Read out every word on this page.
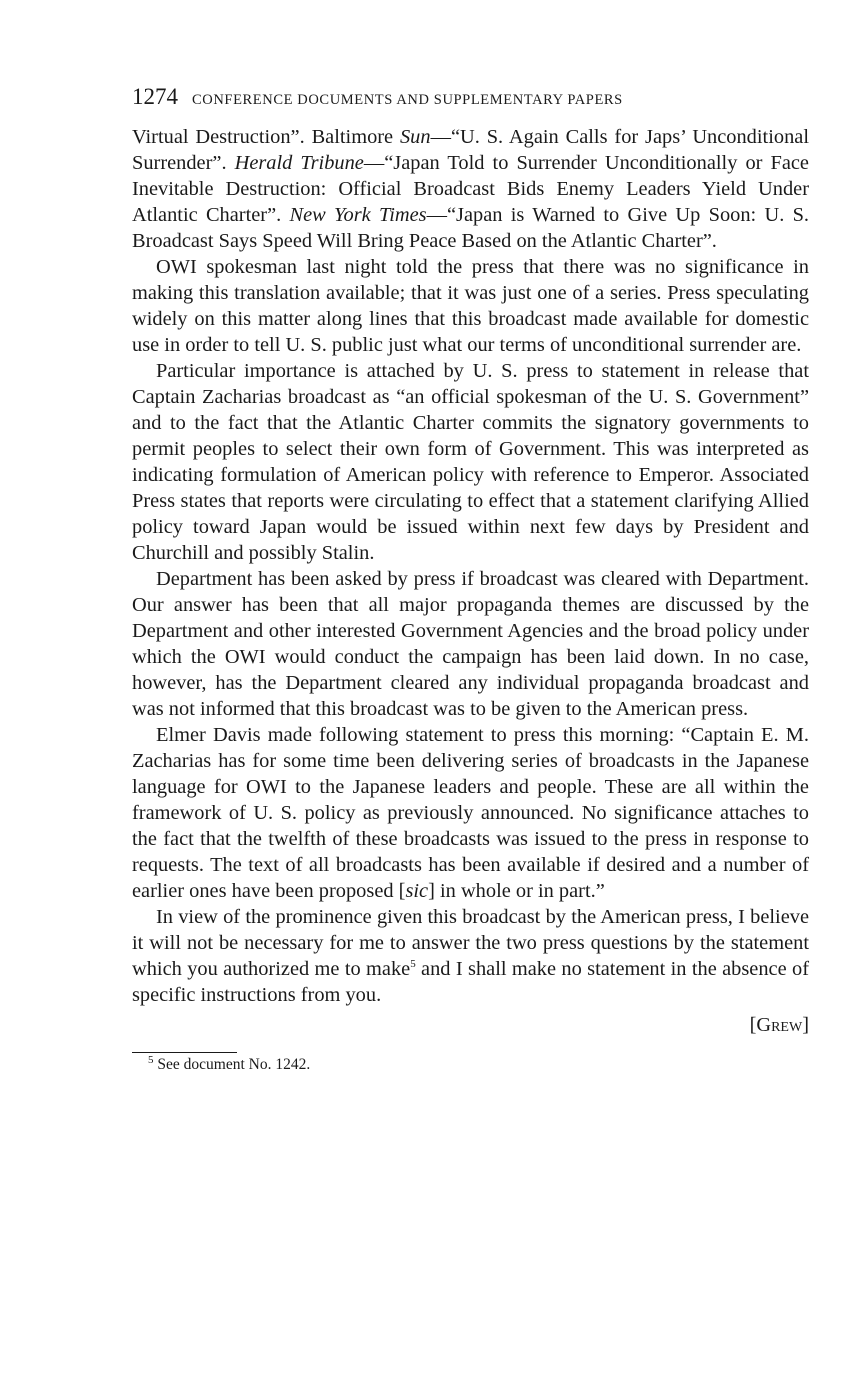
1274 CONFERENCE DOCUMENTS AND SUPPLEMENTARY PAPERS

Virtual Destruction”. Baltimore Sun—“U. S. Again Calls for Japs’ Unconditional Surrender”. Herald Tribune—“Japan Told to Surrender Unconditionally or Face Inevitable Destruction: Official Broadcast Bids Enemy Leaders Yield Under Atlantic Charter”. New York Times—“Japan is Warned to Give Up Soon: U. S. Broadcast Says Speed Will Bring Peace Based on the Atlantic Charter”.

OWI spokesman last night told the press that there was no significance in making this translation available; that it was just one of a series. Press speculating widely on this matter along lines that this broadcast made available for domestic use in order to tell U. S. public just what our terms of unconditional surrender are.

Particular importance is attached by U. S. press to statement in release that Captain Zacharias broadcast as “an official spokesman of the U. S. Government” and to the fact that the Atlantic Charter commits the signatory governments to permit peoples to select their own form of Government. This was interpreted as indicating formulation of American policy with reference to Emperor. Associated Press states that reports were circulating to effect that a statement clarifying Allied policy toward Japan would be issued within next few days by President and Churchill and possibly Stalin.

Department has been asked by press if broadcast was cleared with Department. Our answer has been that all major propaganda themes are discussed by the Department and other interested Government Agencies and the broad policy under which the OWI would conduct the campaign has been laid down. In no case, however, has the Department cleared any individual propaganda broadcast and was not informed that this broadcast was to be given to the American press.

Elmer Davis made following statement to press this morning: “Captain E. M. Zacharias has for some time been delivering series of broadcasts in the Japanese language for OWI to the Japanese leaders and people. These are all within the framework of U. S. policy as previously announced. No significance attaches to the fact that the twelfth of these broadcasts was issued to the press in response to requests. The text of all broadcasts has been available if desired and a number of earlier ones have been proposed [sic] in whole or in part.”

In view of the prominence given this broadcast by the American press, I believe it will not be necessary for me to answer the two press questions by the statement which you authorized me to make$^5$ and I shall make no statement in the absence of specific instructions from you.

[Grew]
$^5$ See document No. 1242.
